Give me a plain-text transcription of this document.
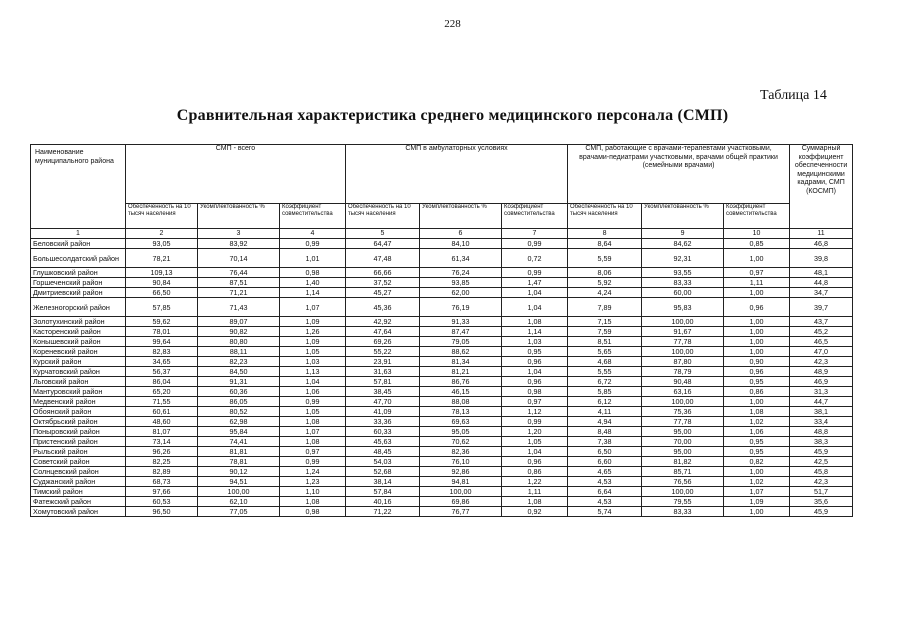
228
Таблица 14
Сравнительная характеристика среднего медицинского персонала (СМП)
Наименование муниципального района	СМП - всего			СМП в амбулаторных условиях			СМП, работающие с врачами-терапевтами участковыми, врачами-педиатрами участковыми, врачами общей практики (семейными врачами)			Суммарный коэффициент обеспеченности медицинскими кадрами, СМП (КОСМП)
	Обеспеченность на 10 тысяч населения	Укомплектованность %	Коэффициент совместительства	Обеспеченность на 10 тысяч населения	Укомплектованность %	Коэффициент совместительства	Обеспеченность на 10 тысяч населения	Укомплектованность %	Коэффициент совместительства	
1	2	3	4	5	6	7	8	9	10	11
Беловский район	93,05	83,92	0,99	64,47	84,10	0,99	8,64	84,62	0,85	46,8
Большесолдатский район	78,21	70,14	1,01	47,48	61,34	0,72	5,59	92,31	1,00	39,8
Глушковский район	109,13	76,44	0,98	66,66	76,24	0,99	8,06	93,55	0,97	48,1
Горшеченский район	90,84	87,51	1,40	37,52	93,85	1,47	5,92	83,33	1,11	44,8
Дмитриевский район	66,50	71,21	1,14	45,27	62,00	1,04	4,24	60,00	1,00	34,7
Железногорский район	57,85	71,43	1,07	45,36	76,19	1,04	7,89	95,83	0,96	39,7
Золотухинский район	59,62	89,07	1,09	42,92	91,33	1,08	7,15	100,00	1,00	43,7
Касторенский район	78,01	90,82	1,26	47,64	87,47	1,14	7,59	91,67	1,00	45,2
Конышевский район	99,64	80,80	1,09	69,26	79,05	1,03	8,51	77,78	1,00	46,5
Кореневский район	82,83	88,11	1,05	55,22	88,62	0,95	5,65	100,00	1,00	47,0
Курский район	34,65	82,23	1,03	23,91	81,34	0,96	4,68	87,80	0,90	42,3
Курчатовский район	56,37	84,50	1,13	31,63	81,21	1,04	5,55	78,79	0,96	48,9
Льговский район	86,04	91,31	1,04	57,81	86,76	0,96	6,72	90,48	0,95	46,9
Мантуровский район	65,20	60,36	1,06	38,45	46,15	0,98	5,85	63,16	0,86	31,3
Медвенский район	71,55	86,05	0,99	47,70	88,08	0,97	6,12	100,00	1,00	44,7
Обоянский район	60,61	80,52	1,05	41,09	78,13	1,12	4,11	75,36	1,08	38,1
Октябрьский район	48,60	62,98	1,08	33,36	69,63	0,99	4,94	77,78	1,02	33,4
Поныровский район	81,07	95,84	1,07	60,33	95,05	1,20	8,48	95,00	1,06	48,8
Пристенский район	73,14	74,41	1,08	45,63	70,62	1,05	7,38	70,00	0,95	38,3
Рыльский район	96,26	81,81	0,97	48,45	82,36	1,04	6,50	95,00	0,95	45,9
Советский район	82,25	78,81	0,99	54,03	76,10	0,96	6,60	81,82	0,82	42,5
Солнцевский район	82,89	90,12	1,24	52,68	92,86	0,86	4,65	85,71	1,00	45,8
Суджанский район	68,73	94,51	1,23	38,14	94,81	1,22	4,53	76,56	1,02	42,3
Тимский район	97,66	100,00	1,10	57,84	100,00	1,11	6,64	100,00	1,07	51,7
Фатежский район	60,53	62,10	1,08	40,16	69,86	1,08	4,53	79,55	1,09	35,6
Хомутовский район	96,50	77,05	0,98	71,22	76,77	0,92	5,74	83,33	1,00	45,9
